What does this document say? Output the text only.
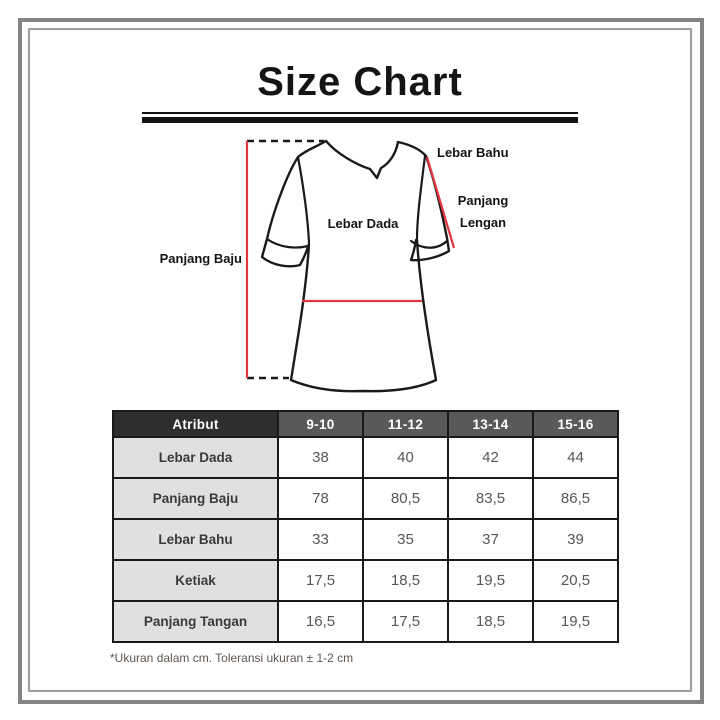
Size Chart
Panjang Baju
Lebar Bahu
Panjang
Lengan
Lebar Dada
Atribut	9-10	11-12	13-14	15-16
Lebar Dada	38	40	42	44
Panjang Baju	78	80,5	83,5	86,5
Lebar Bahu	33	35	37	39
Ketiak	17,5	18,5	19,5	20,5
Panjang Tangan	16,5	17,5	18,5	19,5
*Ukuran dalam cm. Toleransi ukuran ± 1-2 cm
